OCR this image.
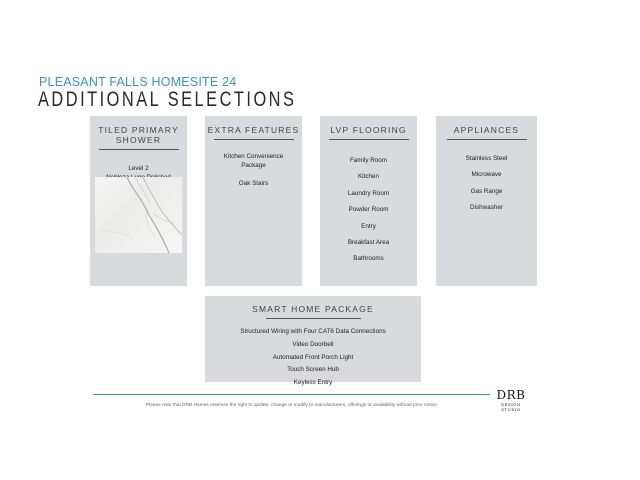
PLEASANT FALLS HOMESITE 24
ADDITIONAL SELECTIONS
TILED PRIMARY SHOWER
Level 2
EXTRA FEATURES
Kitchen Convenience
Package
Oak Stairs
LVP FLOORING
Family Room
Kitchen
Laundry Room
Powder Room
Entry
Breakfast Area
Bathrooms
APPLIANCES
Stainless Steel
Microwave
Gas Range
Dishwasher
SMART HOME PACKAGE
Structured Wiring with Four CAT6 Data Connections
Video Doorbell
Automated Front Porch Light
Touch Screen Hub
Keyless Entry
Please note that DRB Homes reserves the right to update, change or modify to manufacturers, offerings or availability without prior notice.
DRB
DESIGN STUDIO
